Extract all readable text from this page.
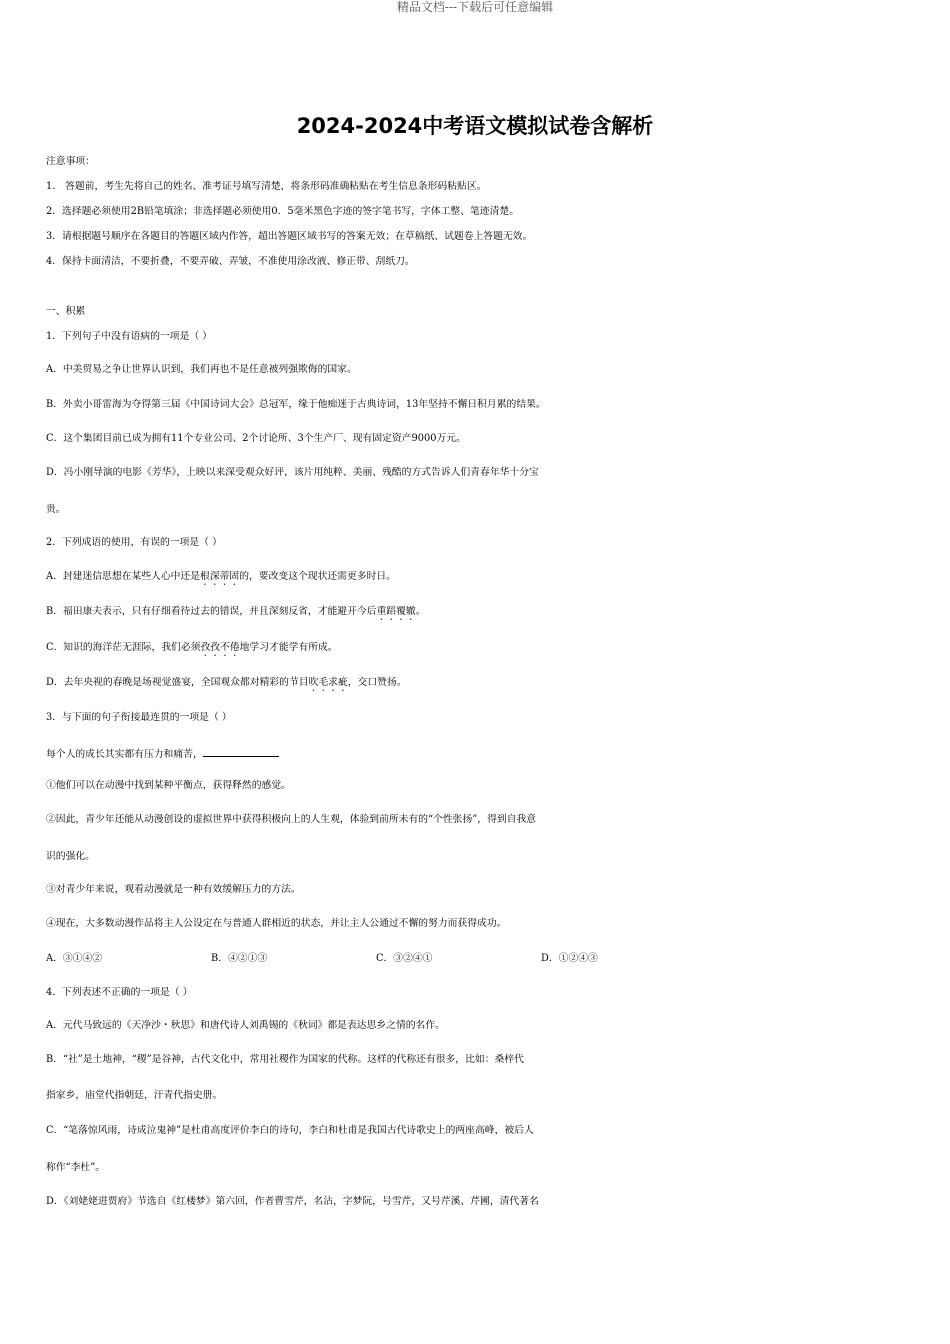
精品文档---下载后可任意编辑
2024-2024中考语文模拟试卷含解析
注意事项：
1． 答题前，考生先将自己的姓名、准考证号填写清楚，将条形码准确粘贴在考生信息条形码粘贴区。
2．选择题必须使用2B铅笔填涂；非选择题必须使用0．5毫米黑色字迹的签字笔书写，字体工整、笔迹清楚。
3．请根据题号顺序在各题目的答题区域内作答，超出答题区域书写的答案无效；在草稿纸、试题卷上答题无效。
4．保持卡面清洁，不要折叠，不要弄破、弄皱，不准使用涂改液、修正带、刮纸刀。
一、积累
1．下列句子中没有语病的一项是（ ）
A．中美贸易之争让世界认识到，我们再也不是任意被列强欺侮的国家。
B．外卖小哥雷海为夺得第三届《中国诗词大会》总冠军，缘于他痴迷于古典诗词，13年坚持不懈日积月累的结果。
C．这个集团目前已成为拥有11个专业公司、2个讨论所、3个生产厂、现有固定资产9000万元。
D．冯小刚导演的电影《芳华》，上映以来深受观众好评，该片用纯粹、美丽、残酷的方式告诉人们青春年华十分宝
贵。
2．下列成语的使用，有误的一项是（ ）
A．封建迷信思想在某些人心中还是根深蒂固的，要改变这个现状还需更多时日。
B．福田康夫表示，只有仔细看待过去的错误，并且深刻反省，才能避开今后重蹈覆辙。
C．知识的海洋茫无涯际，我们必须孜孜不倦地学习才能学有所成。
D．去年央视的春晚是场视觉盛宴，全国观众都对精彩的节目吹毛求疵，交口赞扬。
3．与下面的句子衔接最连贯的一项是（ ）
每个人的成长其实都有压力和痛苦，
①他们可以在动漫中找到某种平衡点，获得释然的感觉。
②因此，青少年还能从动漫创设的虚拟世界中获得积极向上的人生观，体验到前所未有的“个性张扬”，得到自我意
识的强化。
③对青少年来说，观看动漫就是一种有效缓解压力的方法。
④现在，大多数动漫作品将主人公设定在与普通人群相近的状态，并让主人公通过不懈的努力而获得成功。
A．③①④②	B．④②①③	C．③②④①	D．①②④③
4．下列表述不正确的一项是（ ）
A．元代马致远的《天净沙・秋思》和唐代诗人刘禹锡的《秋词》都是表达思乡之情的名作。
B．“社”是土地神，“稷”是谷神，古代文化中，常用社稷作为国家的代称。这样的代称还有很多，比如：桑梓代
指家乡，庙堂代指朝廷，汗青代指史册。
C．“笔落惊风雨，诗成泣鬼神”是杜甫高度评价李白的诗句，李白和杜甫是我国古代诗歌史上的两座高峰，被后人
称作“李杜”。
D．《刘姥姥进贾府》节选自《红楼梦》第六回，作者曹雪芹，名沾，字梦阮，号雪芹，又号芹溪、芹圃，清代著名
